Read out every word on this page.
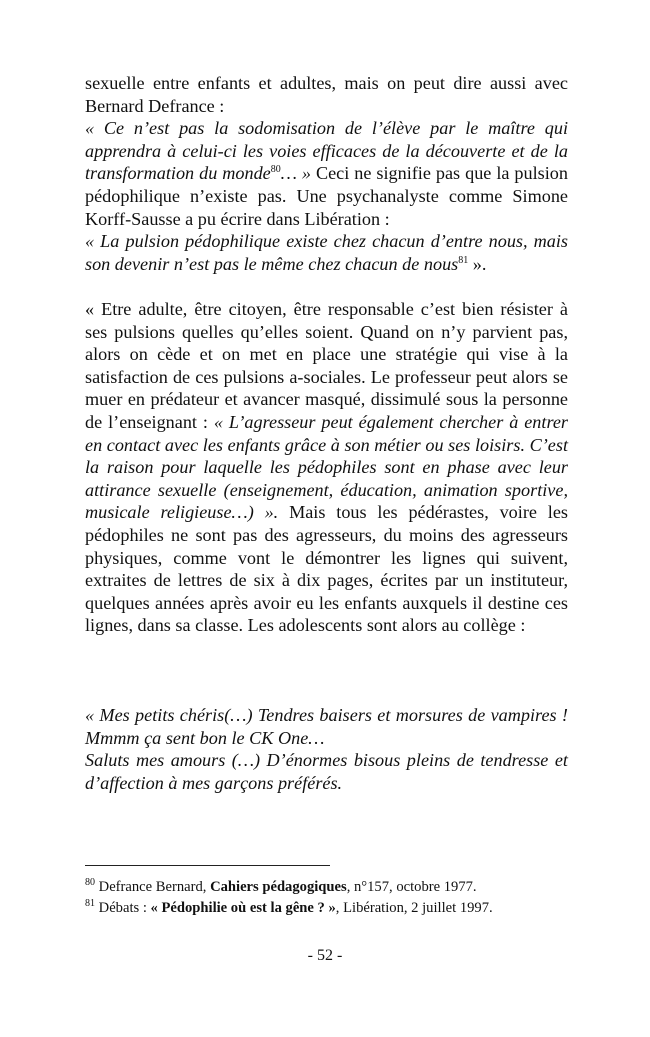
sexuelle entre enfants et adultes, mais on peut dire aussi avec Bernard Defrance :
« Ce n’est pas la sodomisation de l’élève par le maître qui apprendra à celui-ci les voies efficaces de la découverte et de la transformation du monde$^{80}$… » Ceci ne signifie pas que la pulsion pédophilique n’existe pas. Une psychanalyste comme Simone Korff-Sausse a pu écrire dans Libération :
« La pulsion pédophilique existe chez chacun d’entre nous, mais son devenir n’est pas le même chez chacun de nous$^{81}$ ».

« Etre adulte, être citoyen, être responsable c’est bien résister à ses pulsions quelles qu’elles soient. Quand on n’y parvient pas, alors on cède et on met en place une stratégie qui vise à la satisfaction de ces pulsions a-sociales. Le professeur peut alors se muer en prédateur et avancer masqué, dissimulé sous la personne de l’enseignant : « L’agresseur peut également chercher à entrer en contact avec les enfants grâce à son métier ou ses loisirs. C’est la raison pour laquelle les pédophiles sont en phase avec leur attirance sexuelle (enseignement, éducation, animation sportive, musicale religieuse…) ». Mais tous les pédérastes, voire les pédophiles ne sont pas des agresseurs, du moins des agresseurs physiques, comme vont le démontrer les lignes qui suivent, extraites de lettres de six à dix pages, écrites par un instituteur, quelques années après avoir eu les enfants auxquels il destine ces lignes, dans sa classe. Les adolescents sont alors au collège :

« Mes petits chéris(…) Tendres baisers et morsures de vampires ! Mmmm ça sent bon le CK One…

Saluts mes amours (…) D’énormes bisous pleins de tendresse et d’affection à mes garçons préférés.

$^{80}$ Defrance Bernard, Cahiers pédagogiques, n°157, octobre 1977.
$^{81}$ Débats : « Pédophilie où est la gêne ? », Libération, 2 juillet 1997.
- 52 -
